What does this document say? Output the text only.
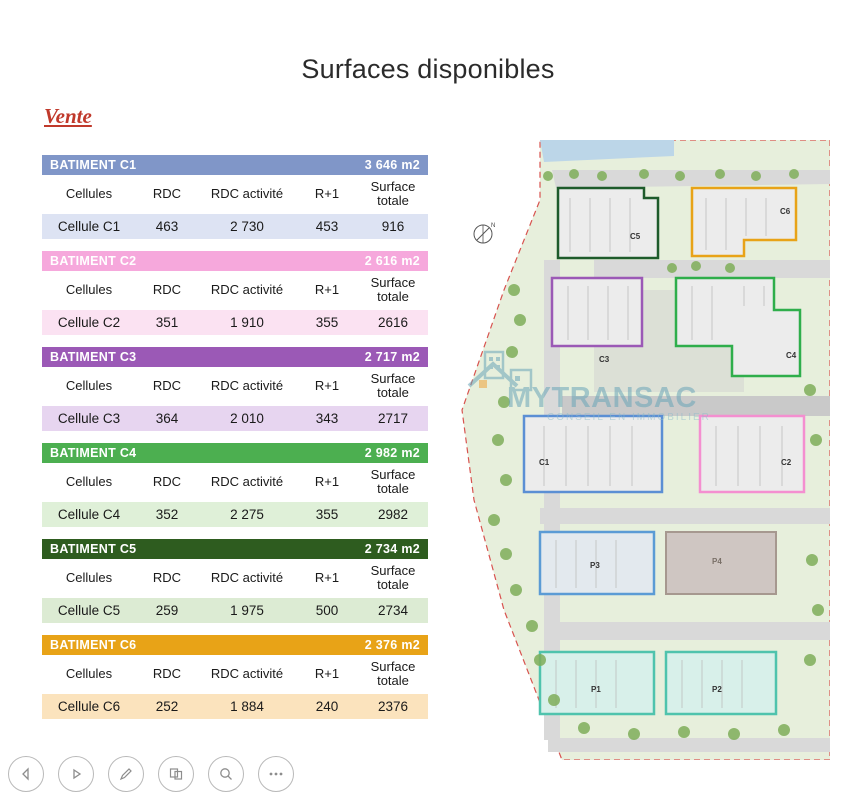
Surfaces disponibles
Vente
BATIMENT C1	3 646 m2
Cellules	RDC	RDC activité	R+1	Surface totale
Cellule C1	463	2 730	453	916
BATIMENT C2	2 616 m2
Cellules	RDC	RDC activité	R+1	Surface totale
Cellule C2	351	1 910	355	2616
BATIMENT C3	2 717 m2
Cellules	RDC	RDC activité	R+1	Surface totale
Cellule C3	364	2 010	343	2717
BATIMENT C4	2 982 m2
Cellules	RDC	RDC activité	R+1	Surface totale
Cellule C4	352	2 275	355	2982
BATIMENT C5	2 734 m2
Cellules	RDC	RDC activité	R+1	Surface totale
Cellule C5	259	1 975	500	2734
BATIMENT C6	2 376 m2
Cellules	RDC	RDC activité	R+1	Surface totale
Cellule C6	252	1 884	240	2376
C5
C6
C3	C4
C1	C2
P3	P4
P1	P2
N
MYTRANSAC
CONSEIL EN IMMOBILIER
